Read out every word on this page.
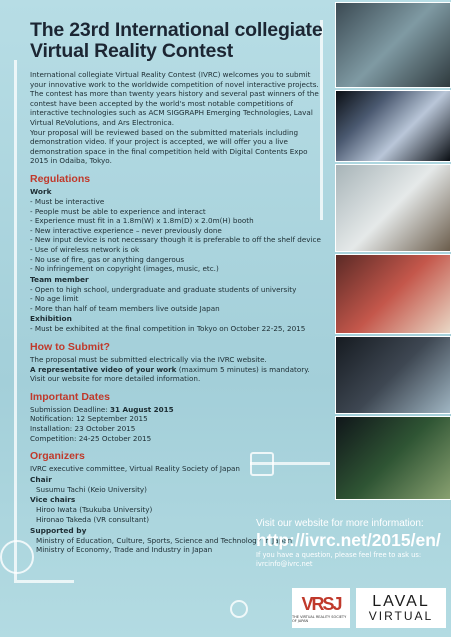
The 23rd International collegiate
Virtual Reality Contest
International collegiate Virtual Reality Contest (IVRC) welcomes you to submit
your innovative work to the worldwide competition of novel interactive projects.
The contest has more than twenty years history and several past winners of the
contest have been accepted by the world's most notable competitions of
interactive technologies such as ACM SIGGRAPH Emerging Technologies, Laval
Virtual ReVolutions, and Ars Electronica.
Your proposal will be reviewed based on the submitted materials including
demonstration video. If your project is accepted, we will offer you a live
demonstration space in the final competition held with Digital Contents Expo
2015 in Odaiba, Tokyo.
Regulations
Work
- Must be interactive
- People must be able to experience and interact
- Experience must fit in a 1.8m(W) x 1.8m(D) x 2.0m(H) booth
- New interactive experience – never previously done
- New input device is not necessary though it is preferable to off the shelf device
- Use of wireless network is ok
- No use of fire, gas or anything dangerous
- No infringement on copyright (images, music, etc.)
Team member
- Open to high school, undergraduate and graduate students of university
- No age limit
- More than half of team members live outside Japan
Exhibition
- Must be exhibited at the final competition in Tokyo on October 22-25, 2015
How to Submit?
The proposal must be submitted electrically via the IVRC website.
A representative video of your work (maximum 5 minutes) is mandatory.
Visit our website for more detailed information.
Important Dates
Submission Deadline: 31 August 2015
Notification: 12 September 2015
Installation: 23 October 2015
Competition: 24-25 October 2015
Organizers
IVRC executive committee, Virtual Reality Society of Japan
Chair
Susumu Tachi (Keio University)
Vice chairs
Hiroo Iwata (Tsukuba University)
Hironao Takeda (VR consultant)
Supported by
Ministry of Education, Culture, Sports, Science and Technology in Japan
Ministry of Economy, Trade and Industry in Japan
Visit our website for more information:
http://ivrc.net/2015/en/
If you have a question, please feel free to ask us:
ivrcinfo@ivrc.net
VRSJ
THE VIRTUAL REALITY SOCIETY OF JAPAN
LAVAL
VIRTUAL
